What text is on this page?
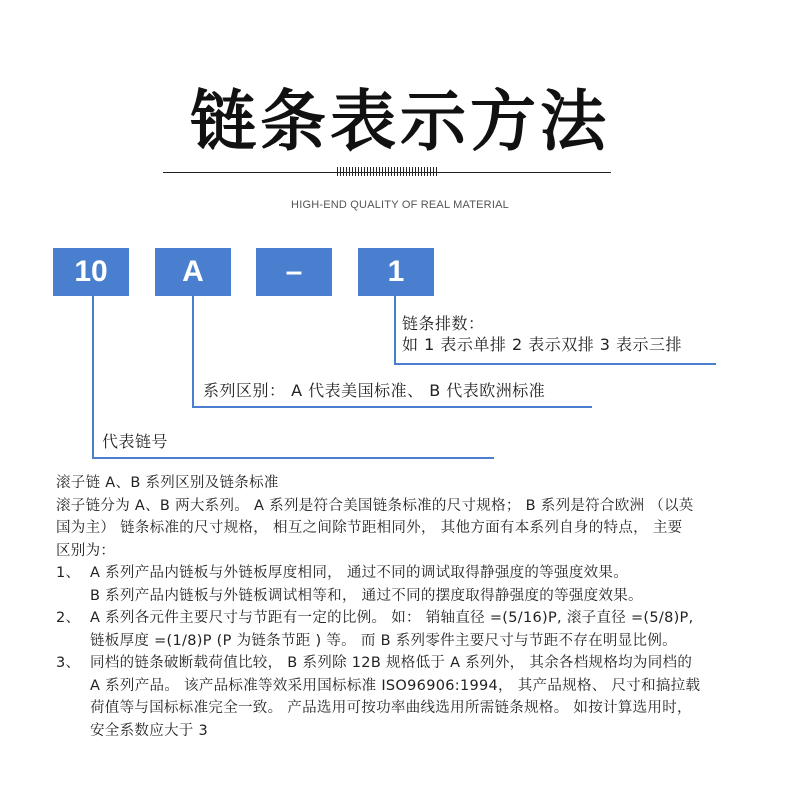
链条表示方法
HIGH-END QUALITY OF REAL MATERIAL
10	A	–	1
链条排数：
如 1 表示单排 2 表示双排 3 表示三排
系列区别： A 代表美国标准、 B 代表欧洲标准
代表链号

滚子链 A、B 系列区别及链条标准

滚子链分为 A、B 两大系列。 A 系列是符合美国链条标准的尺寸规格； B 系列是符合欧洲 （以英

国为主） 链条标准的尺寸规格， 相互之间除节距相同外， 其他方面有本系列自身的特点， 主要

区别为：

1、 A 系列产品内链板与外链板厚度相同， 通过不同的调试取得静强度的等强度效果。

B 系列产品内链板与外链板调试相等和， 通过不同的摆度取得静强度的等强度效果。

2、 A 系列各元件主要尺寸与节距有一定的比例。 如： 销轴直径 =(5/16)P, 滚子直径 =(5/8)P,

链板厚度 =(1/8)P (P 为链条节距 ) 等。 而 B 系列零件主要尺寸与节距不存在明显比例。

3、 同档的链条破断载荷值比较， B 系列除 12B 规格低于 A 系列外， 其余各档规格均为同档的

A 系列产品。 该产品标准等效采用国标标准 ISO96906:1994， 其产品规格、 尺寸和搞拉载

荷值等与国标标准完全一致。 产品选用可按功率曲线选用所需链条规格。 如按计算选用时，

安全系数应大于 3
